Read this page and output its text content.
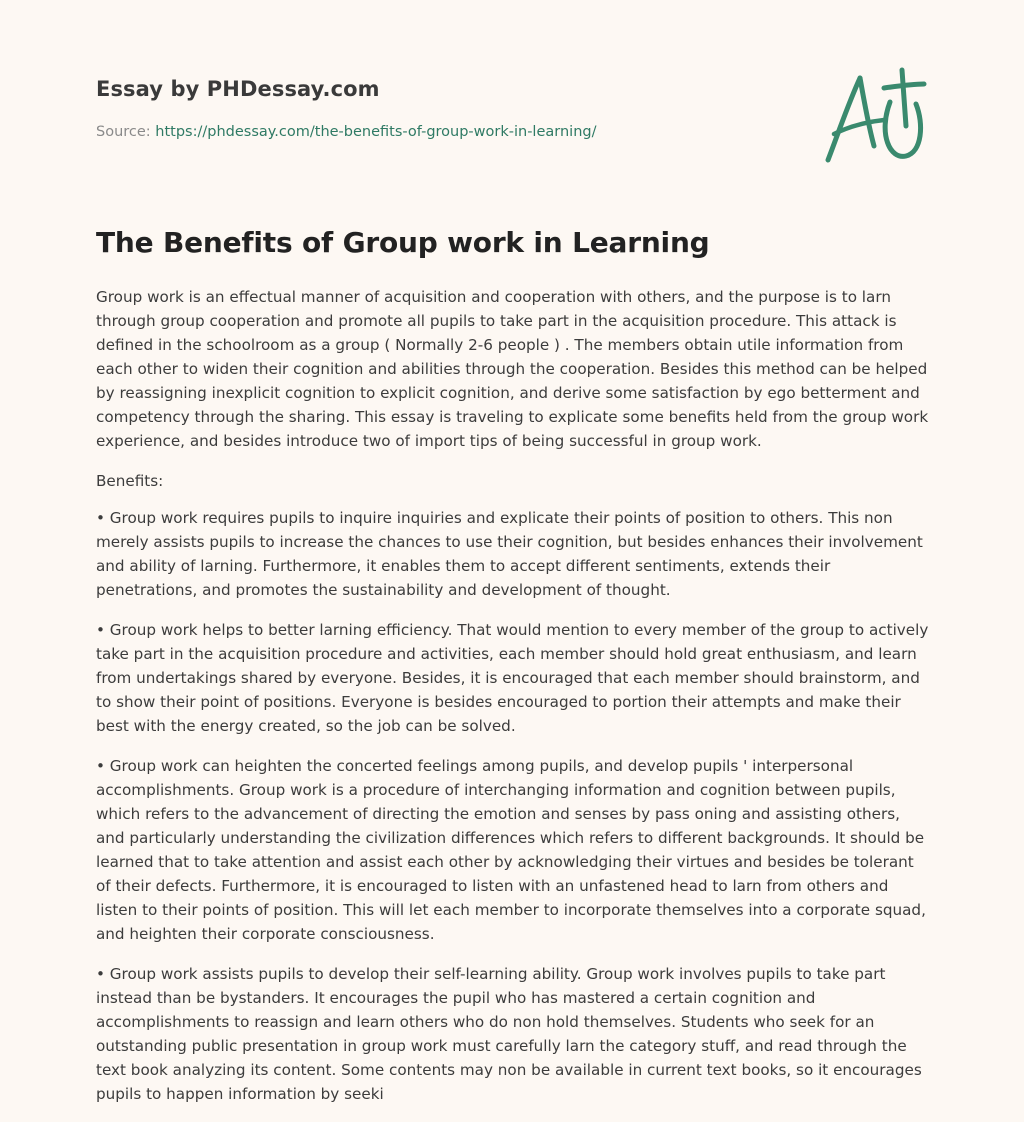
Essay by PHDessay.com

Source: https://phdessay.com/the-benefits-of-group-work-in-learning/

The Benefits of Group work in Learning

Group work is an effectual manner of acquisition and cooperation with others, and the purpose is to larn through group cooperation and promote all pupils to take part in the acquisition procedure. This attack is defined in the schoolroom as a group ( Normally 2-6 people ) . The members obtain utile information from each other to widen their cognition and abilities through the cooperation. Besides this method can be helped by reassigning inexplicit cognition to explicit cognition, and derive some satisfaction by ego betterment and competency through the sharing. This essay is traveling to explicate some benefits held from the group work experience, and besides introduce two of import tips of being successful in group work.

Benefits:

• Group work requires pupils to inquire inquiries and explicate their points of position to others. This non merely assists pupils to increase the chances to use their cognition, but besides enhances their involvement and ability of larning. Furthermore, it enables them to accept different sentiments, extends their penetrations, and promotes the sustainability and development of thought.

• Group work helps to better larning efficiency. That would mention to every member of the group to actively take part in the acquisition procedure and activities, each member should hold great enthusiasm, and learn from undertakings shared by everyone. Besides, it is encouraged that each member should brainstorm, and to show their point of positions. Everyone is besides encouraged to portion their attempts and make their best with the energy created, so the job can be solved.

• Group work can heighten the concerted feelings among pupils, and develop pupils ' interpersonal accomplishments. Group work is a procedure of interchanging information and cognition between pupils, which refers to the advancement of directing the emotion and senses by pass oning and assisting others, and particularly understanding the civilization differences which refers to different backgrounds. It should be learned that to take attention and assist each other by acknowledging their virtues and besides be tolerant of their defects. Furthermore, it is encouraged to listen with an unfastened head to larn from others and listen to their points of position. This will let each member to incorporate themselves into a corporate squad, and heighten their corporate consciousness.

• Group work assists pupils to develop their self-learning ability. Group work involves pupils to take part instead than be bystanders. It encourages the pupil who has mastered a certain cognition and accomplishments to reassign and learn others who do non hold themselves. Students who seek for an outstanding public presentation in group work must carefully larn the category stuff, and read through the text book analyzing its content. Some contents may non be available in current text books, so it encourages pupils to happen information by seeki
